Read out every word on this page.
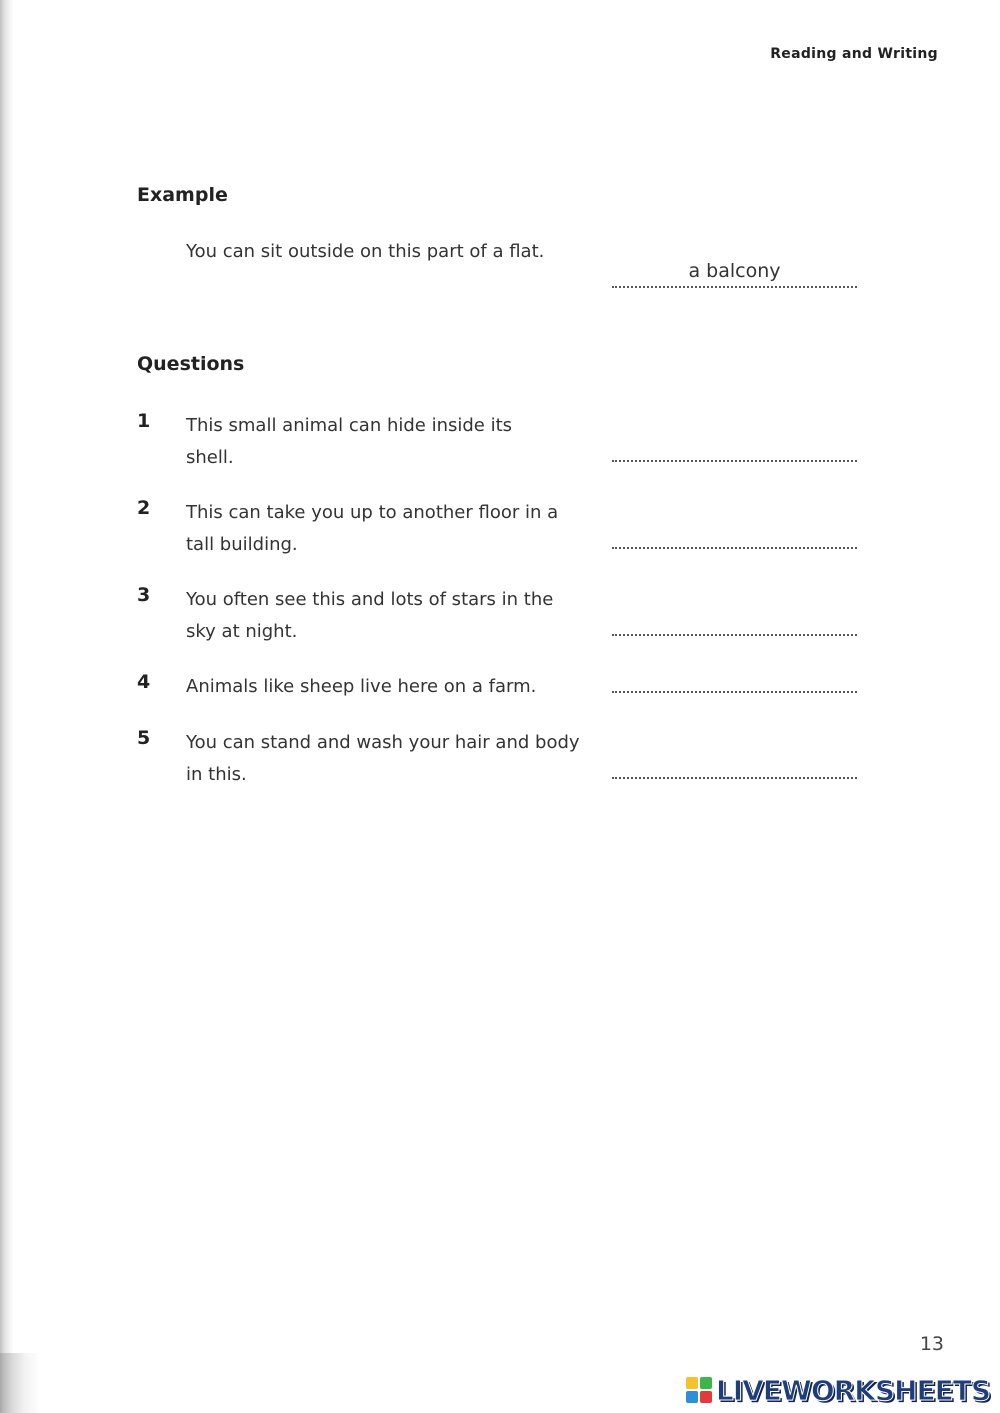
Reading and Writing
Example
You can sit outside on this part of a flat.
a balcony
Questions
1	This small animal can hide inside its shell.
2	This can take you up to another floor in a tall building.
3	You often see this and lots of stars in the sky at night.
4	Animals like sheep live here on a farm.
5	You can stand and wash your hair and body in this.
13
LIVEWORKSHEETS
